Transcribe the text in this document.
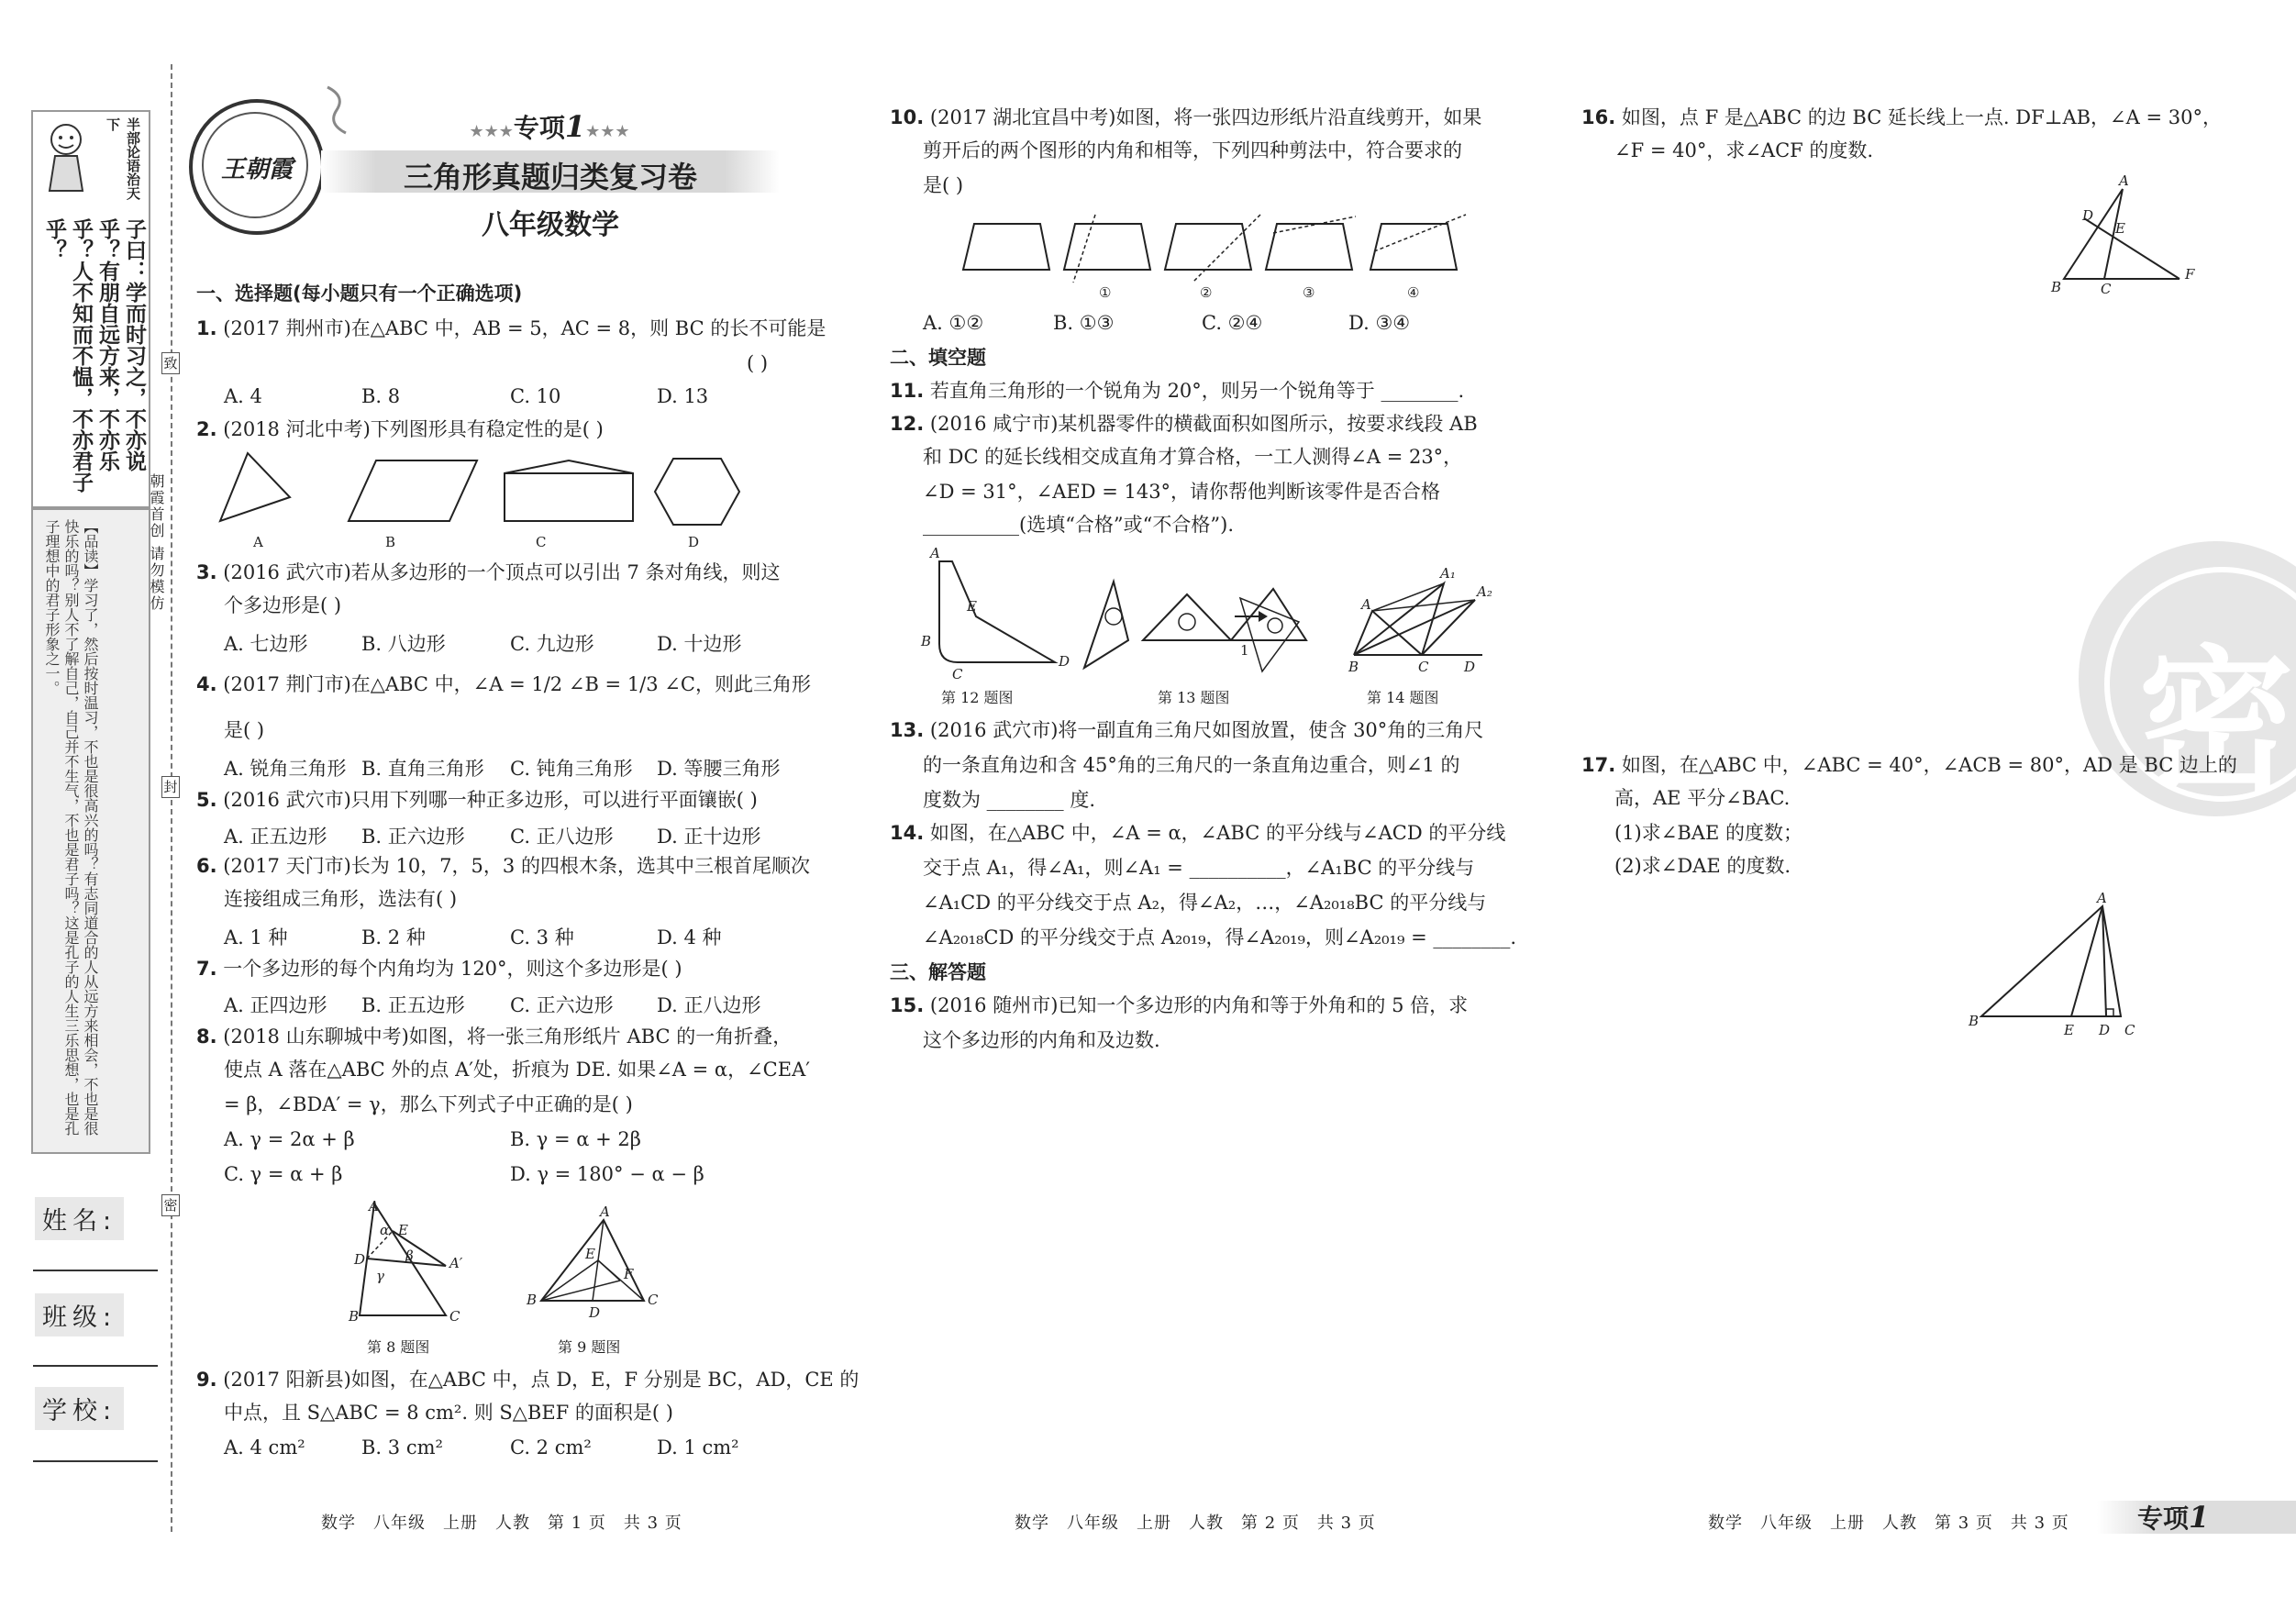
半部论语治天下
子曰：学而时习之，不亦说乎？有朋自远方来，不亦乐乎？人不知而不愠，不亦君子乎？
【品读】学习了，然后按时温习，不也是很高兴的吗？有志同道合的人从远方来相会，不也是很快乐的吗？别人不了解自己，自己并不生气，不也是君子吗？这是孔子的人生三乐思想，也是孔子理想中的君子形象之一。
致
封
密
朝霞首创 请勿模仿
姓名:
班级:
学校:
王朝霞
★★★专项1★★★
三角形真题归类复习卷
八年级数学
一、选择题(每小题只有一个正确选项)
1. (2017 荆州市)在△ABC 中，AB = 5，AC = 8，则 BC 的长不可能是
( )
A. 4	B. 8	C. 10	D. 13
2. (2018 河北中考)下列图形具有稳定性的是( )
A	B	C	D
3. (2016 武穴市)若从多边形的一个顶点可以引出 7 条对角线，则这
个多边形是( )
A. 七边形	B. 八边形	C. 九边形	D. 十边形
4. (2017 荆门市)在△ABC 中，∠A = 1/2 ∠B = 1/3 ∠C，则此三角形
是( )
A. 锐角三角形 B. 直角三角形 C. 钝角三角形 D. 等腰三角形
5. (2016 武穴市)只用下列哪一种正多边形，可以进行平面镶嵌( )
A. 正五边形 B. 正六边形 C. 正八边形 D. 正十边形
6. (2017 天门市)长为 10，7，5，3 的四根木条，选其中三根首尾顺次
连接组成三角形，选法有( )
A. 1 种	B. 2 种	C. 3 种	D. 4 种
7. 一个多边形的每个内角均为 120°，则这个多边形是( )
A. 正四边形 B. 正五边形 C. 正六边形 D. 正八边形
8. (2018 山东聊城中考)如图，将一张三角形纸片 ABC 的一角折叠，
使点 A 落在△ABC 外的点 A′处，折痕为 DE. 如果∠A = α，∠CEA′
= β，∠BDA′ = γ，那么下列式子中正确的是( )
A. γ = 2α + β	B. γ = α + 2β
C. γ = α + β	D. γ = 180° − α − β
A
α E
D	β	A′
γ
B	C
第 8 题图
A
E
F
B
D
C
第 9 题图
9. (2017 阳新县)如图，在△ABC 中，点 D，E，F 分别是 BC，AD，CE 的
中点，且 S△ABC = 8 cm². 则 S△BEF 的面积是( )
A. 4 cm²	B. 3 cm²	C. 2 cm²	D. 1 cm²
数学　八年级　上册　人教　第 1 页　共 3 页
10. (2017 湖北宜昌中考)如图，将一张四边形纸片沿直线剪开，如果
剪开后的两个图形的内角和相等，下列四种剪法中，符合要求的
是( )
①	②	③	④
A. ①②	B. ①③	C. ②④	D. ③④
二、填空题
11. 若直角三角形的一个锐角为 20°，则另一个锐角等于 ________.
12. (2016 咸宁市)某机器零件的横截面积如图所示，按要求线段 AB
和 DC 的延长线相交成直角才算合格，一工人测得∠A = 23°，
∠D = 31°，∠AED = 143°，请你帮他判断该零件是否合格
__________(选填“合格”或“不合格”).
A
E
B
C
D
第 12 题图
1
第 13 题图
A
A₁
A₂
B	C	D
第 14 题图
13. (2016 武穴市)将一副直角三角尺如图放置，使含 30°角的三角尺
的一条直角边和含 45°角的三角尺的一条直角边重合，则∠1 的
度数为 ________ 度.
14. 如图，在△ABC 中，∠A = α，∠ABC 的平分线与∠ACD 的平分线
交于点 A₁，得∠A₁，则∠A₁ = __________，∠A₁BC 的平分线与
∠A₁CD 的平分线交于点 A₂，得∠A₂，…，∠A₂₀₁₈BC 的平分线与
∠A₂₀₁₈CD 的平分线交于点 A₂₀₁₉，得∠A₂₀₁₉，则∠A₂₀₁₉ = ________.
三、解答题
15. (2016 随州市)已知一个多边形的内角和等于外角和的 5 倍，求
这个多边形的内角和及边数.
数学　八年级　上册　人教　第 2 页　共 3 页
密
16. 如图，点 F 是△ABC 的边 BC 延长线上一点. DF⊥AB，∠A = 30°，
∠F = 40°，求∠ACF 的度数.
A
D
E
B	C
F
17. 如图，在△ABC 中，∠ABC = 40°，∠ACB = 80°，AD 是 BC 边上的
高，AE 平分∠BAC.
(1)求∠BAE 的度数；
(2)求∠DAE 的度数.
A
B
E D C
数学　八年级　上册　人教　第 3 页　共 3 页	专项1
